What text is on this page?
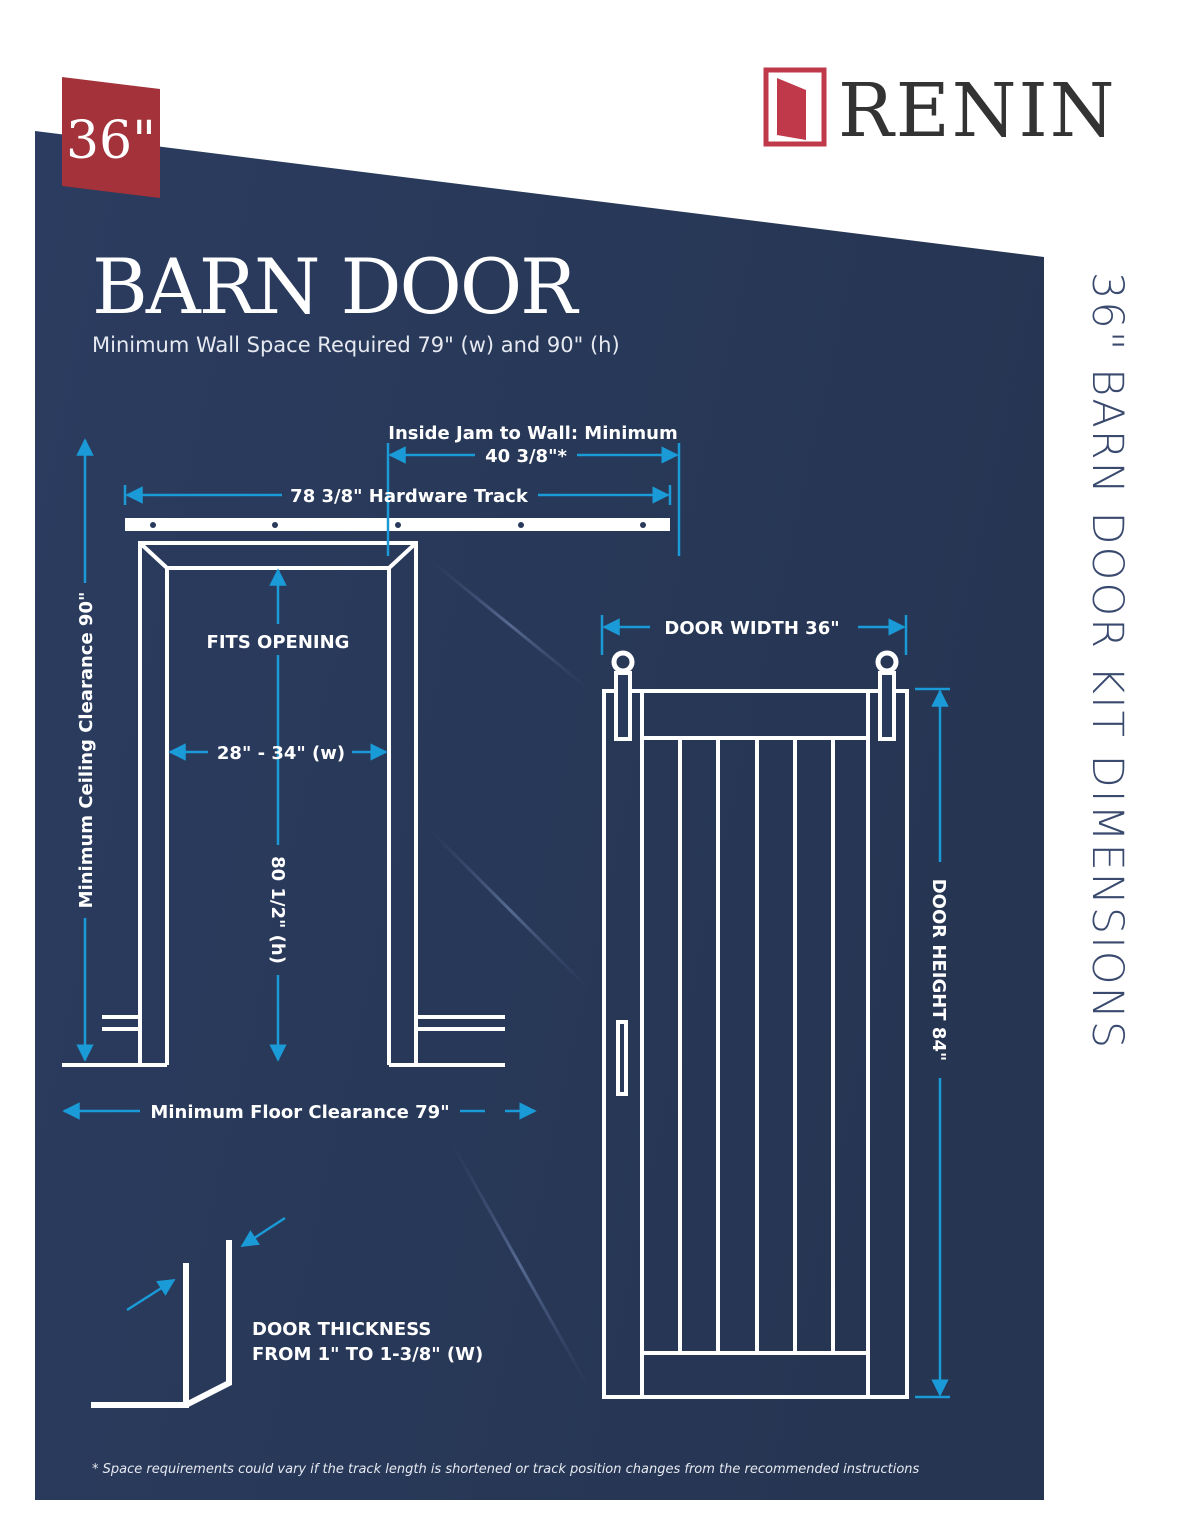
36"	RENIN
BARN DOOR
Minimum Wall Space Required 79" (w) and 90" (h)	36" BARN DOOR KIT DIMENSIONS
Inside Jam to Wall: Minimum
40 3/8"*
78 3/8" Hardware Track
FITS OPENING
28" - 34" (w)
80 1/2" (h)
Minimum Ceiling Clearance 90"
Minimum Floor Clearance 79"
DOOR WIDTH 36"
DOOR HEIGHT 84"
DOOR THICKNESS
FROM 1" TO 1-3/8" (W)
* Space requirements could vary if the track length is shortened or track position changes from the recommended instructions
